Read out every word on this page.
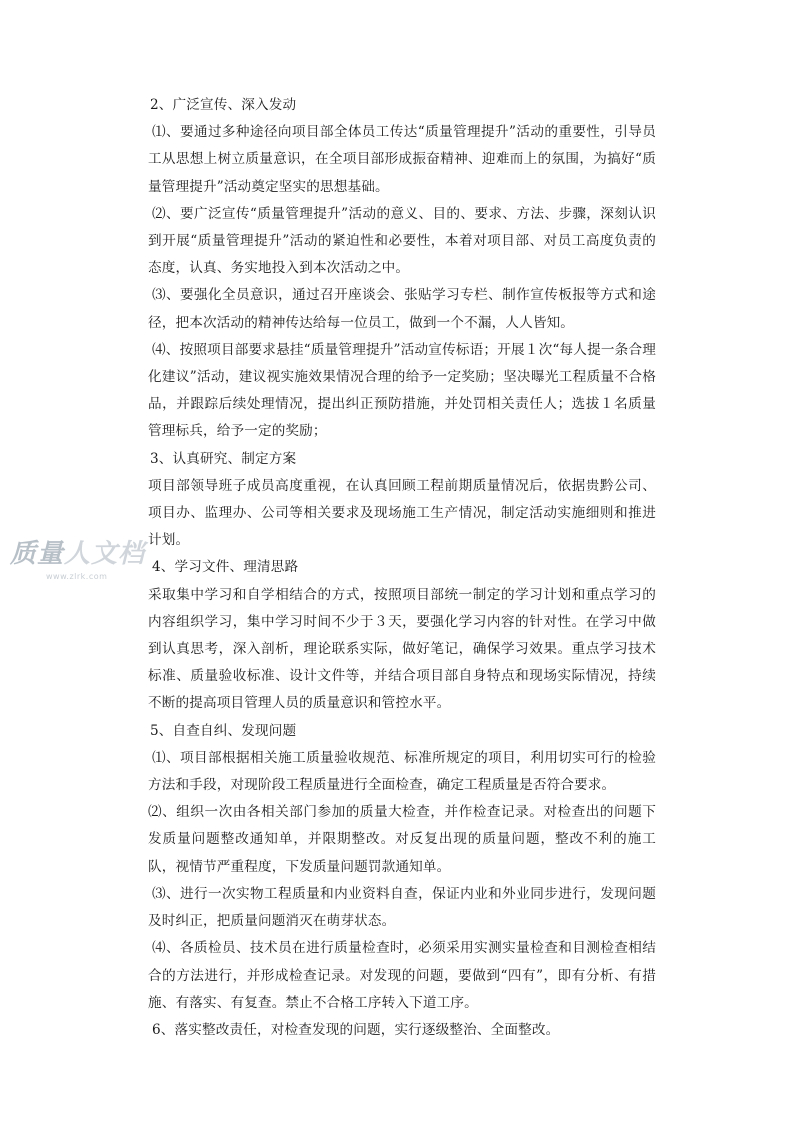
质量人文档
www.zlrk.com

2、广泛宣传、深入发动

⑴、要通过多种途径向项目部全体员工传达“质量管理提升”活动的重要性，引导员工从思想上树立质量意识，在全项目部形成振奋精神、迎难而上的氛围，为搞好“质量管理提升”活动奠定坚实的思想基础。

⑵、要广泛宣传“质量管理提升”活动的意义、目的、要求、方法、步骤，深刻认识到开展“质量管理提升”活动的紧迫性和必要性，本着对项目部、对员工高度负责的态度，认真、务实地投入到本次活动之中。

⑶、要强化全员意识，通过召开座谈会、张贴学习专栏、制作宣传板报等方式和途径，把本次活动的精神传达给每一位员工，做到一个不漏，人人皆知。

⑷、按照项目部要求悬挂“质量管理提升”活动宣传标语；开展１次“每人提一条合理化建议”活动，建议视实施效果情况合理的给予一定奖励；坚决曝光工程质量不合格品，并跟踪后续处理情况，提出纠正预防措施，并处罚相关责任人；选拔１名质量管理标兵，给予一定的奖励；

3、认真研究、制定方案

项目部领导班子成员高度重视，在认真回顾工程前期质量情况后，依据贵黔公司、项目办、监理办、公司等相关要求及现场施工生产情况，制定活动实施细则和推进计划。

4、学习文件、理清思路

采取集中学习和自学相结合的方式，按照项目部统一制定的学习计划和重点学习的内容组织学习，集中学习时间不少于３天，要强化学习内容的针对性。在学习中做到认真思考，深入剖析，理论联系实际，做好笔记，确保学习效果。重点学习技术标准、质量验收标准、设计文件等，并结合项目部自身特点和现场实际情况，持续不断的提高项目管理人员的质量意识和管控水平。

5、自查自纠、发现问题

⑴、项目部根据相关施工质量验收规范、标准所规定的项目，利用切实可行的检验方法和手段，对现阶段工程质量进行全面检查，确定工程质量是否符合要求。

⑵、组织一次由各相关部门参加的质量大检查，并作检查记录。对检查出的问题下发质量问题整改通知单，并限期整改。对反复出现的质量问题，整改不利的施工队，视情节严重程度，下发质量问题罚款通知单。

⑶、进行一次实物工程质量和内业资料自查，保证内业和外业同步进行，发现问题及时纠正，把质量问题消灭在萌芽状态。

⑷、各质检员、技术员在进行质量检查时，必须采用实测实量检查和目测检查相结合的方法进行，并形成检查记录。对发现的问题，要做到“四有”，即有分析、有措施、有落实、有复查。禁止不合格工序转入下道工序。

6、落实整改责任，对检查发现的问题，实行逐级整治、全面整改。
